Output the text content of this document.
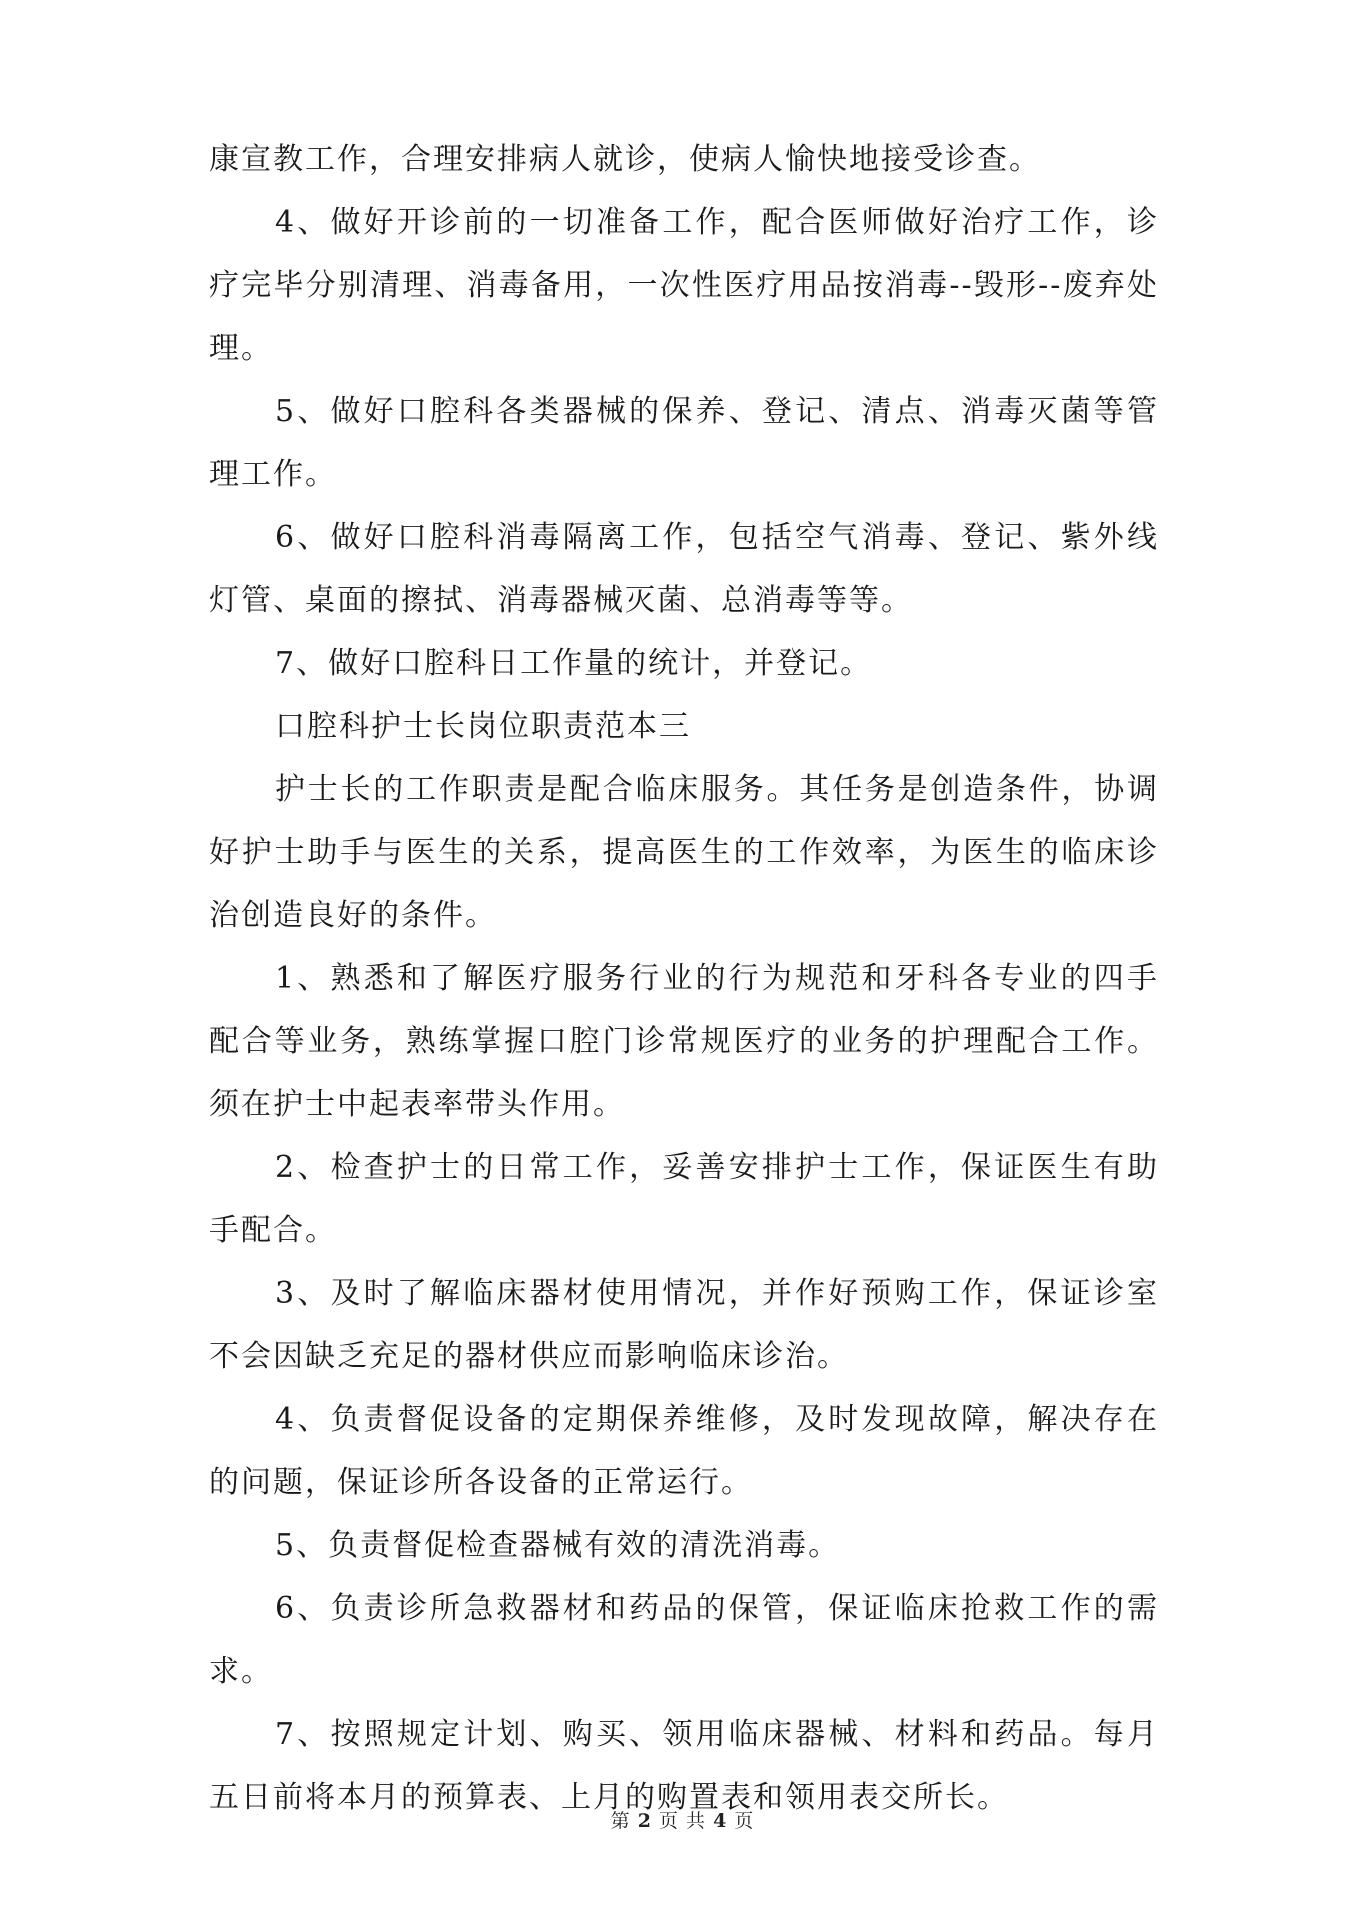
康宣教工作，合理安排病人就诊，使病人愉快地接受诊查。

4、做好开诊前的一切准备工作，配合医师做好治疗工作，诊疗完毕分别清理、消毒备用，一次性医疗用品按消毒--毁形--废弃处理。

5、做好口腔科各类器械的保养、登记、清点、消毒灭菌等管理工作。

6、做好口腔科消毒隔离工作，包括空气消毒、登记、紫外线灯管、桌面的擦拭、消毒器械灭菌、总消毒等等。

7、做好口腔科日工作量的统计，并登记。

口腔科护士长岗位职责范本三

护士长的工作职责是配合临床服务。其任务是创造条件，协调好护士助手与医生的关系，提高医生的工作效率，为医生的临床诊治创造良好的条件。

1、熟悉和了解医疗服务行业的行为规范和牙科各专业的四手配合等业务，熟练掌握口腔门诊常规医疗的业务的护理配合工作。须在护士中起表率带头作用。

2、检查护士的日常工作，妥善安排护士工作，保证医生有助手配合。

3、及时了解临床器材使用情况，并作好预购工作，保证诊室不会因缺乏充足的器材供应而影响临床诊治。

4、负责督促设备的定期保养维修，及时发现故障，解决存在的问题，保证诊所各设备的正常运行。

5、负责督促检查器械有效的清洗消毒。

6、负责诊所急救器材和药品的保管，保证临床抢救工作的需求。

7、按照规定计划、购买、领用临床器械、材料和药品。每月五日前将本月的预算表、上月的购置表和领用表交所长。

第 2 页 共 4 页
